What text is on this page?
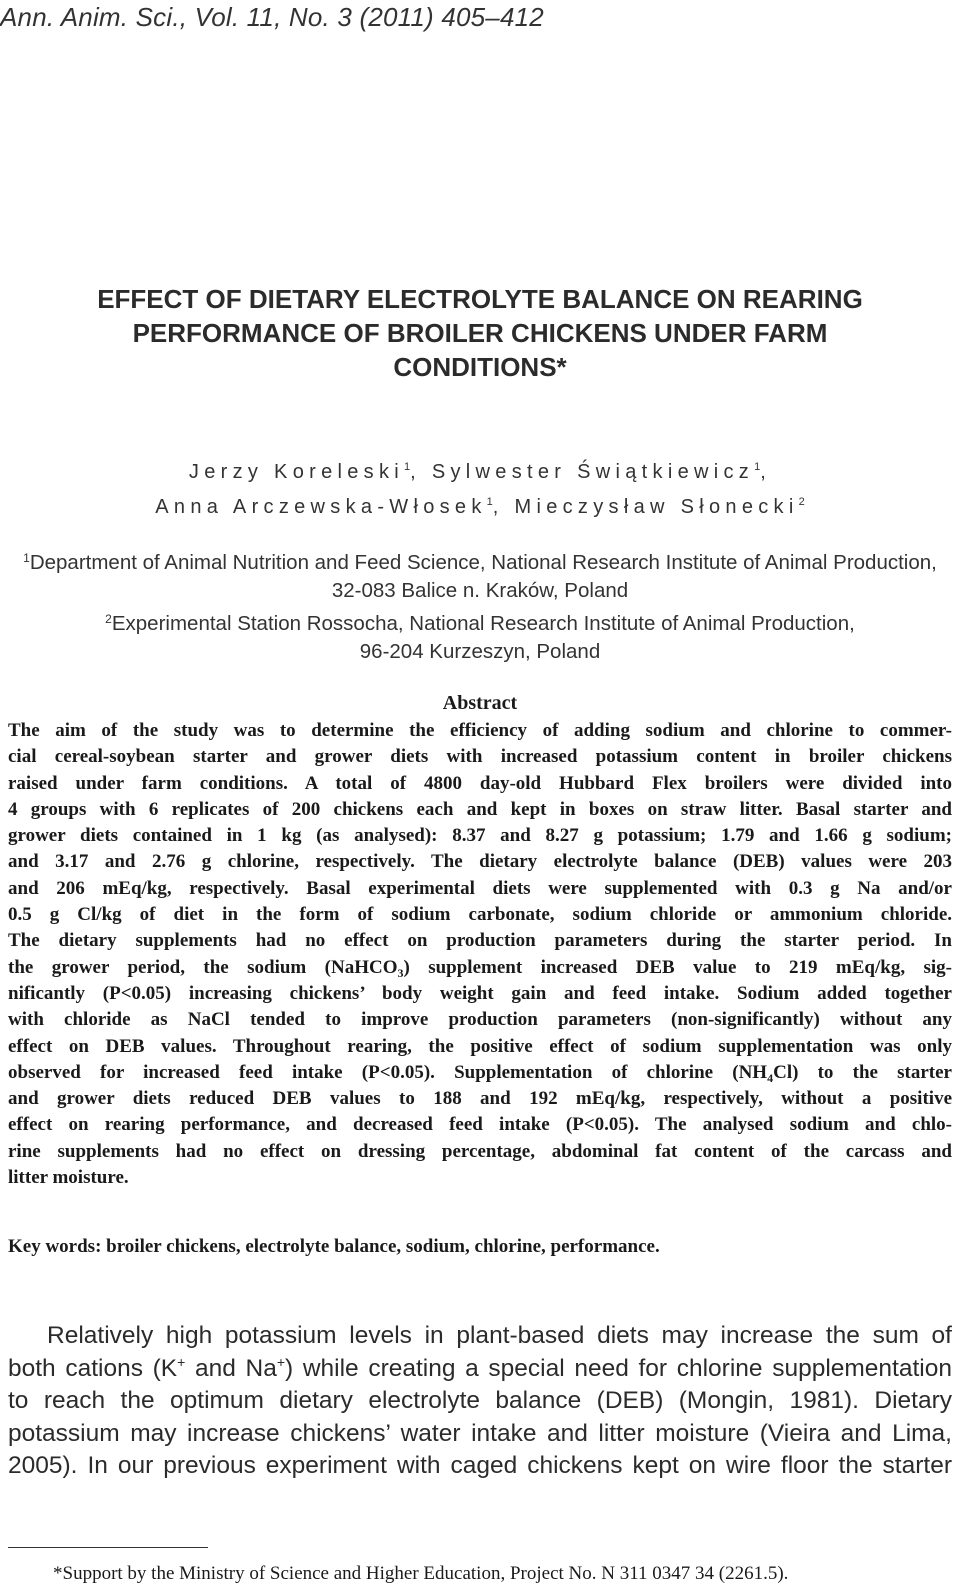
Ann. Anim. Sci., Vol. 11, No. 3 (2011) 405–412
EFFECT OF DIETARY ELECTROLYTE BALANCE ON REARING
PERFORMANCE OF BROILER CHICKENS UNDER FARM
CONDITIONS*
Jerzy Koreleski$^1$, Sylwester Świątkiewicz$^1$,
Anna Arczewska-Włosek$^1$, Mieczysław Słonecki$^2$
$^1$Department of Animal Nutrition and Feed Science, National Research Institute of Animal Production,
32-083 Balice n. Kraków, Poland
$^2$Experimental Station Rossocha, National Research Institute of Animal Production,
96-204 Kurzeszyn, Poland
Abstract
The aim of the study was to determine the efficiency of adding sodium and chlorine to commer-
cial cereal-soybean starter and grower diets with increased potassium content in broiler chickens
raised under farm conditions. A total of 4800 day-old Hubbard Flex broilers were divided into
4 groups with 6 replicates of 200 chickens each and kept in boxes on straw litter. Basal starter and
grower diets contained in 1 kg (as analysed): 8.37 and 8.27 g potassium; 1.79 and 1.66 g sodium;
and 3.17 and 2.76 g chlorine, respectively. The dietary electrolyte balance (DEB) values were 203
and 206 mEq/kg, respectively. Basal experimental diets were supplemented with 0.3 g Na and/or
0.5 g Cl/kg of diet in the form of sodium carbonate, sodium chloride or ammonium chloride.
The dietary supplements had no effect on production parameters during the starter period. In
the grower period, the sodium (NaHCO$_3$) supplement increased DEB value to 219 mEq/kg, sig-
nificantly (P<0.05) increasing chickens’ body weight gain and feed intake. Sodium added together
with chloride as NaCl tended to improve production parameters (non-significantly) without any
effect on DEB values. Throughout rearing, the positive effect of sodium supplementation was only
observed for increased feed intake (P<0.05). Supplementation of chlorine $(NH_4Cl)$ to the starter
and grower diets reduced DEB values to 188 and 192 mEq/kg, respectively, without a positive
effect on rearing performance, and decreased feed intake (P<0.05). The analysed sodium and chlo-
rine supplements had no effect on dressing percentage, abdominal fat content of the carcass and
litter moisture.
Key words: broiler chickens, electrolyte balance, sodium, chlorine, performance.
Relatively high potassium levels in plant-based diets may increase the sum of
both cations (K+ and Na+) while creating a special need for chlorine supplementation
to reach the optimum dietary electrolyte balance (DEB) (Mongin, 1981). Dietary
potassium may increase chickens’ water intake and litter moisture (Vieira and Lima,
2005). In our previous experiment with caged chickens kept on wire floor the starter
*Support by the Ministry of Science and Higher Education, Project No. N 311 0347 34 (2261.5).
